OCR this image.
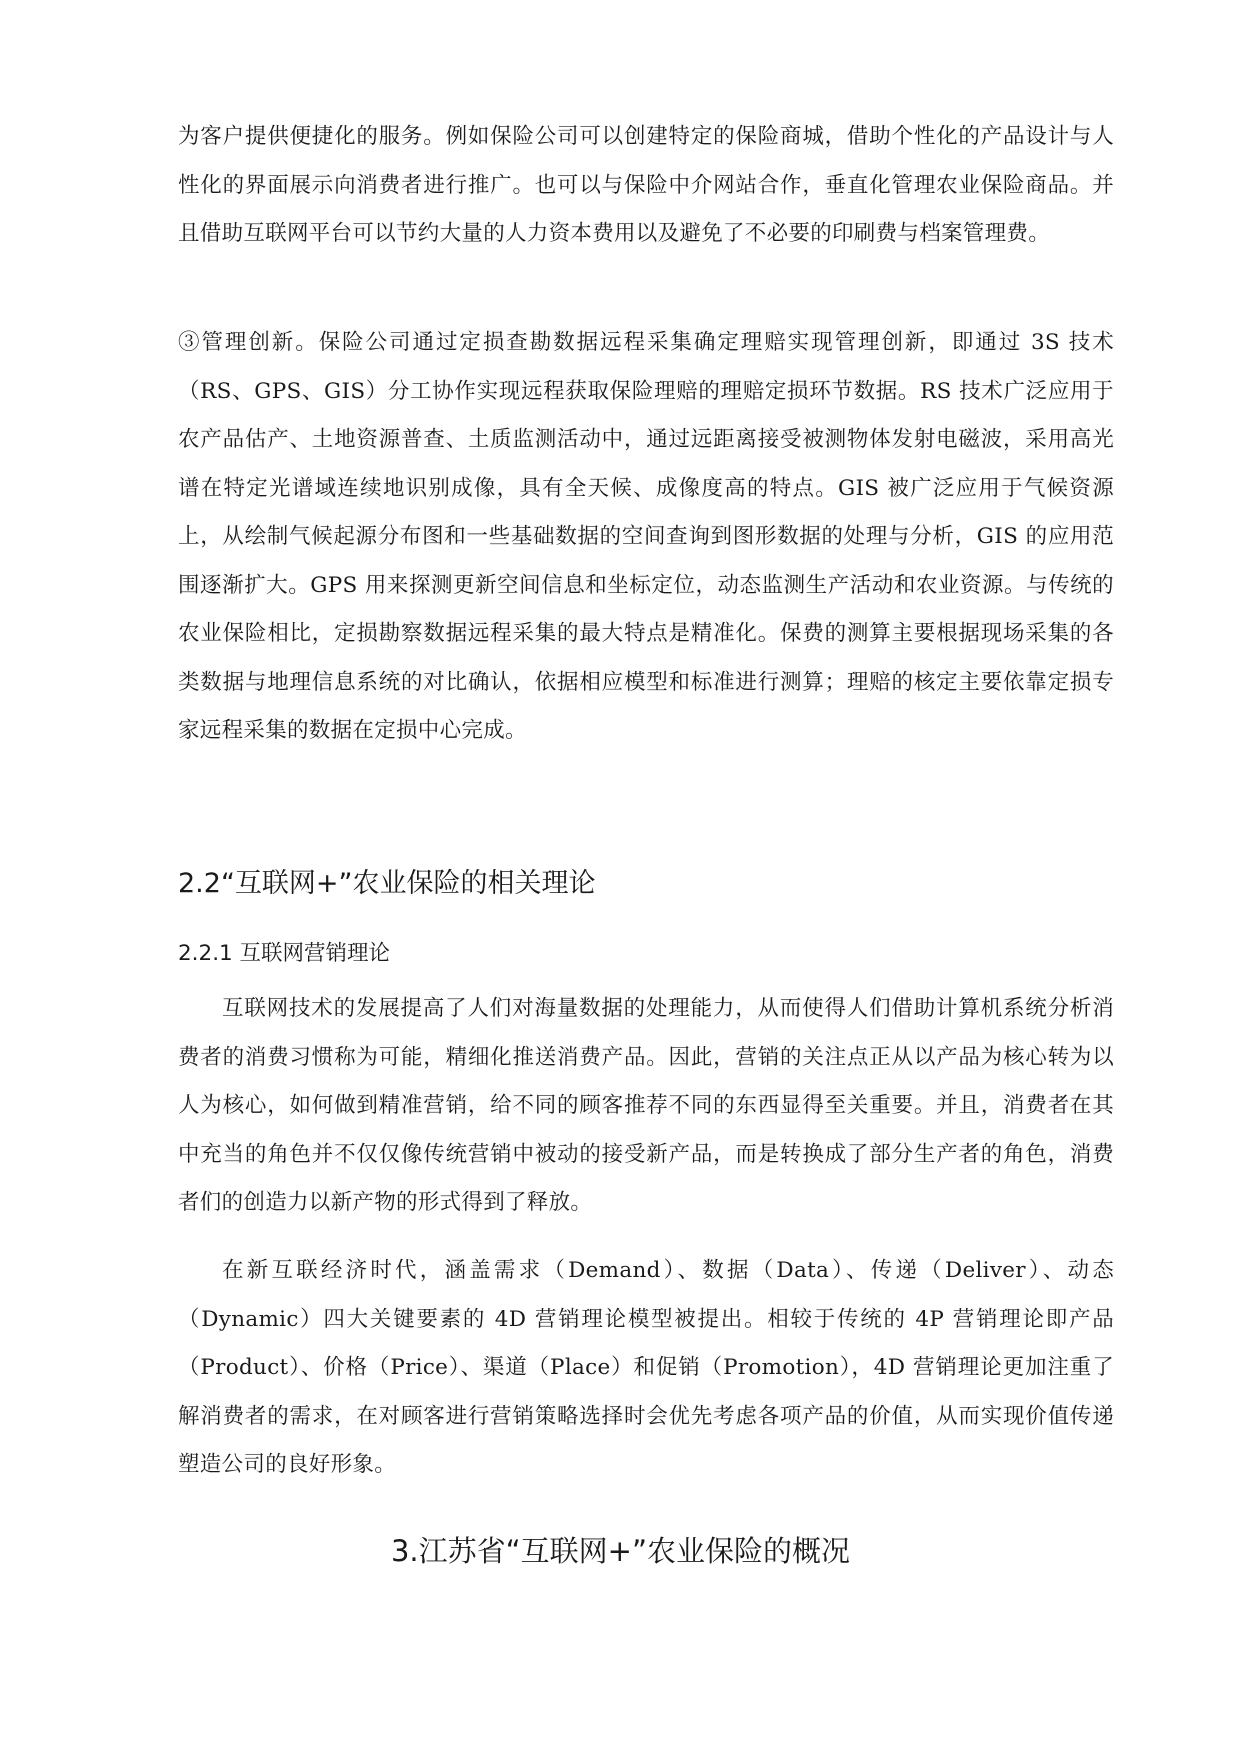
为客户提供便捷化的服务。例如保险公司可以创建特定的保险商城，借助个性化的产品设计与人性化的界面展示向消费者进行推广。也可以与保险中介网站合作，垂直化管理农业保险商品。并且借助互联网平台可以节约大量的人力资本费用以及避免了不必要的印刷费与档案管理费。

③管理创新。保险公司通过定损查勘数据远程采集确定理赔实现管理创新，即通过 3S 技术（RS、GPS、GIS）分工协作实现远程获取保险理赔的理赔定损环节数据。RS 技术广泛应用于农产品估产、土地资源普查、土质监测活动中，通过远距离接受被测物体发射电磁波，采用高光谱在特定光谱域连续地识别成像，具有全天候、成像度高的特点。GIS 被广泛应用于气候资源上，从绘制气候起源分布图和一些基础数据的空间查询到图形数据的处理与分析，GIS 的应用范围逐渐扩大。GPS 用来探测更新空间信息和坐标定位，动态监测生产活动和农业资源。与传统的农业保险相比，定损勘察数据远程采集的最大特点是精准化。保费的测算主要根据现场采集的各类数据与地理信息系统的对比确认，依据相应模型和标准进行测算；理赔的核定主要依靠定损专家远程采集的数据在定损中心完成。

2.2“互联网+”农业保险的相关理论
2.2.1 互联网营销理论

互联网技术的发展提高了人们对海量数据的处理能力，从而使得人们借助计算机系统分析消费者的消费习惯称为可能，精细化推送消费产品。因此，营销的关注点正从以产品为核心转为以人为核心，如何做到精准营销，给不同的顾客推荐不同的东西显得至关重要。并且，消费者在其中充当的角色并不仅仅像传统营销中被动的接受新产品，而是转换成了部分生产者的角色，消费者们的创造力以新产物的形式得到了释放。

在新互联经济时代，涵盖需求（Demand）、数据（Data）、传递（Deliver）、动态（Dynamic）四大关键要素的 4D 营销理论模型被提出。相较于传统的 4P 营销理论即产品（Product）、价格（Price）、渠道（Place）和促销（Promotion），4D 营销理论更加注重了解消费者的需求，在对顾客进行营销策略选择时会优先考虑各项产品的价值，从而实现价值传递塑造公司的良好形象。

3.江苏省“互联网+”农业保险的概况
